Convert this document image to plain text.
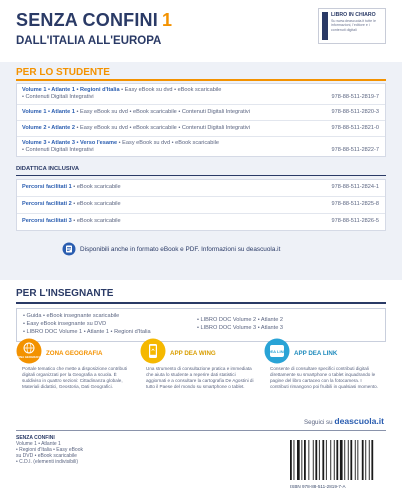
SENZA CONFINI 1
DALL'ITALIA ALL'EUROPA
LIBRO IN CHIARO
Su www.deascuola.it tutte le informazioni, l'editore e i contenuti digitali
PER LO STUDENTE
Volume 1 • Atlante 1 • Regioni d'Italia • Easy eBook su dvd • eBook scaricabile
• Contenuti Digitali Integrativi	978-88-511-2819-7
Volume 1 • Atlante 1 • Easy eBook su dvd • eBook scaricabile • Contenuti Digitali Integrativi	978-88-511-2820-3
Volume 2 • Atlante 2 • Easy eBook su dvd • eBook scaricabile • Contenuti Digitali Integrativi	978-88-511-2821-0
Volume 3 • Atlante 3 • Verso l'esame • Easy eBook su dvd • eBook scaricabile
• Contenuti Digitali Integrativi	978-88-511-2822-7
DIDATTICA INCLUSIVA
Percorsi facilitati 1 • eBook scaricabile	978-88-511-2824-1
Percorsi facilitati 2 • eBook scaricabile	978-88-511-2825-8
Percorsi facilitati 3 • eBook scaricabile	978-88-511-2826-5
Disponibili anche in formato eBook e PDF. Informazioni su deascuola.it
PER L'INSEGNANTE
• Guida • eBook insegnante scaricabile
• Easy eBook insegnante su DVD
• LIBRO DOC Volume 1 • Atlante 1 • Regioni d'Italia
• LIBRO DOC Volume 2 • Atlante 2
• LIBRO DOC Volume 3 • Atlante 3
ZONA GEOGRAFIA ZONA GEOGRAFIA
Portale tematico che mette a disposizione contributi digitali organizzati per la Geografia a scuola. È suddiviso in quattro sezioni: Cittadinanza globale, Materiali didattici, Geostoria, Dati Geografici.
APP DEA WING
Una strumento di consultazione pratica e immediata che aiuta lo studente a reperire dati statistici aggiornati e a consultare la cartografia De Agostini di tutto il Paese del mondo su smartphone o tablet.
DEA LINK APP DEA LINK
Consente di consultare specifici contributi digitali direttamente su smartphone o tablet inquadrando le pagine del libro cartaceo con la fotocamera. I contributi rimangono poi fruibili in qualsiasi momento.
Seguici su deascuola.it
SENZA CONFINI
Volume 1 • Atlante 1
• Regioni d'Italia • Easy eBook
su DVD • eBook scaricabile
• C.D.I. (elementi indivisibili)
ISBN 978-88-511-2819-7-A
